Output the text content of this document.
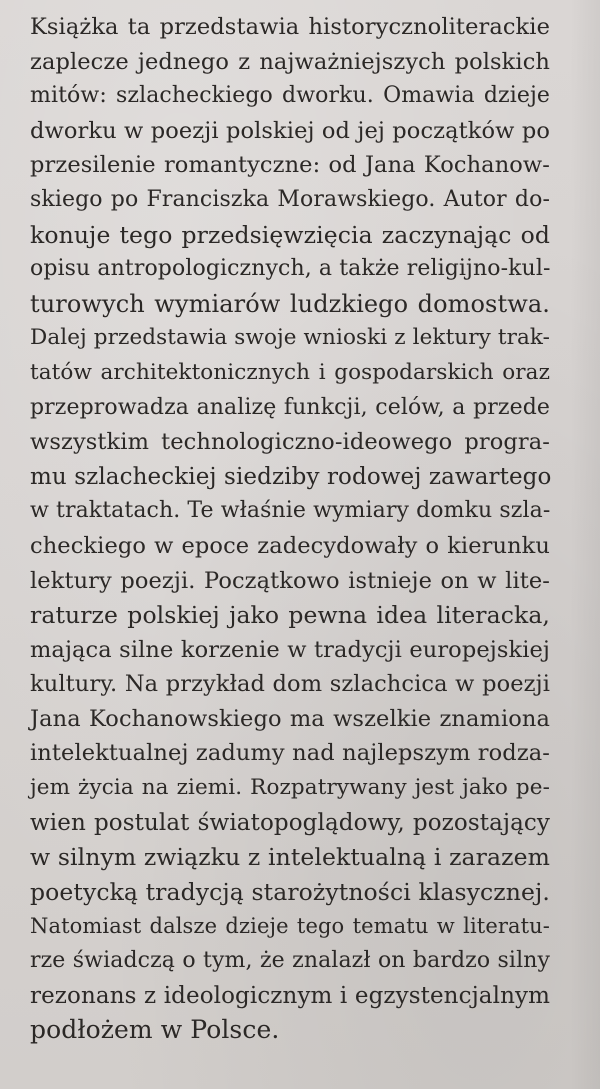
Książka ta przedstawia historycznoliterackie
zaplecze jednego z najważniejszych polskich
mitów: szlacheckiego dworku. Omawia dzieje
dworku w poezji polskiej od jej początków po
przesilenie romantyczne: od Jana Kochanow-
skiego po Franciszka Morawskiego. Autor do-
konuje tego przedsięwzięcia zaczynając od
opisu antropologicznych, a także religijno-kul-
turowych wymiarów ludzkiego domostwa.
Dalej przedstawia swoje wnioski z lektury trak-
tatów architektonicznych i gospodarskich oraz
przeprowadza analizę funkcji, celów, a przede
wszystkim technologiczno-ideowego progra-
mu szlacheckiej siedziby rodowej zawartego
w traktatach. Te właśnie wymiary domku szla-
checkiego w epoce zadecydowały o kierunku
lektury poezji. Początkowo istnieje on w lite-
raturze polskiej jako pewna idea literacka,
mająca silne korzenie w tradycji europejskiej
kultury. Na przykład dom szlachcica w poezji
Jana Kochanowskiego ma wszelkie znamiona
intelektualnej zadumy nad najlepszym rodza-
jem życia na ziemi. Rozpatrywany jest jako pe-
wien postulat światopoglądowy, pozostający
w silnym związku z intelektualną i zarazem
poetycką tradycją starożytności klasycznej.
Natomiast dalsze dzieje tego tematu w literatu-
rze świadczą o tym, że znalazł on bardzo silny
rezonans z ideologicznym i egzystencjalnym
podłożem w Polsce.
